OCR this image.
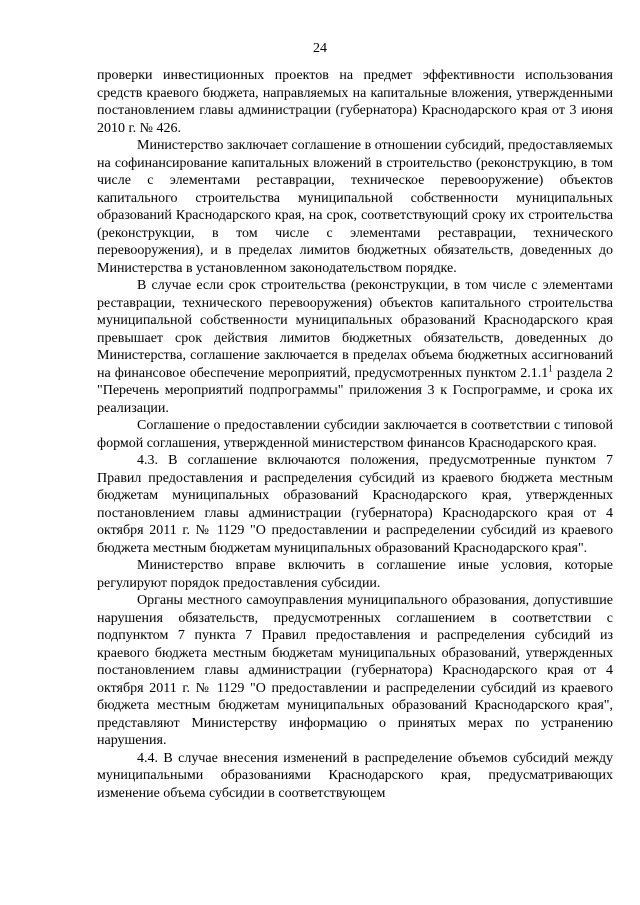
24

проверки инвестиционных проектов на предмет эффективности использования средств краевого бюджета, направляемых на капитальные вложения, утвержденными постановлением главы администрации (губернатора) Краснодарского края от 3 июня 2010 г. № 426.

Министерство заключает соглашение в отношении субсидий, предоставляемых на софинансирование капитальных вложений в строительство (реконструкцию, в том числе с элементами реставрации, техническое перевооружение) объектов капитального строительства муниципальной собственности муниципальных образований Краснодарского края, на срок, соответствующий сроку их строительства (реконструкции, в том числе с элементами реставрации, технического перевооружения), и в пределах лимитов бюджетных обязательств, доведенных до Министерства в установленном законодательством порядке.

В случае если срок строительства (реконструкции, в том числе с элементами реставрации, технического перевооружения) объектов капитального строительства муниципальной собственности муниципальных образований Краснодарского края превышает срок действия лимитов бюджетных обязательств, доведенных до Министерства, соглашение заключается в пределах объема бюджетных ассигнований на финансовое обеспечение мероприятий, предусмотренных пунктом 2.1.1$^1$ раздела 2 "Перечень мероприятий подпрограммы" приложения 3 к Госпрограмме, и срока их реализации.

Соглашение о предоставлении субсидии заключается в соответствии с типовой формой соглашения, утвержденной министерством финансов Краснодарского края.

4.3. В соглашение включаются положения, предусмотренные пунктом 7 Правил предоставления и распределения субсидий из краевого бюджета местным бюджетам муниципальных образований Краснодарского края, утвержденных постановлением главы администрации (губернатора) Краснодарского края от 4 октября 2011 г. № 1129 "О предоставлении и распределении субсидий из краевого бюджета местным бюджетам муниципальных образований Краснодарского края".

Министерство вправе включить в соглашение иные условия, которые регулируют порядок предоставления субсидии.

Органы местного самоуправления муниципального образования, допустившие нарушения обязательств, предусмотренных соглашением в соответствии с подпунктом 7 пункта 7 Правил предоставления и распределения субсидий из краевого бюджета местным бюджетам муниципальных образований, утвержденных постановлением главы администрации (губернатора) Краснодарского края от 4 октября 2011 г. № 1129 "О предоставлении и распределении субсидий из краевого бюджета местным бюджетам муниципальных образований Краснодарского края", представляют Министерству информацию о принятых мерах по устранению нарушения.

4.4. В случае внесения изменений в распределение объемов субсидий между муниципальными образованиями Краснодарского края, предусматривающих изменение объема субсидии в соответствующем
